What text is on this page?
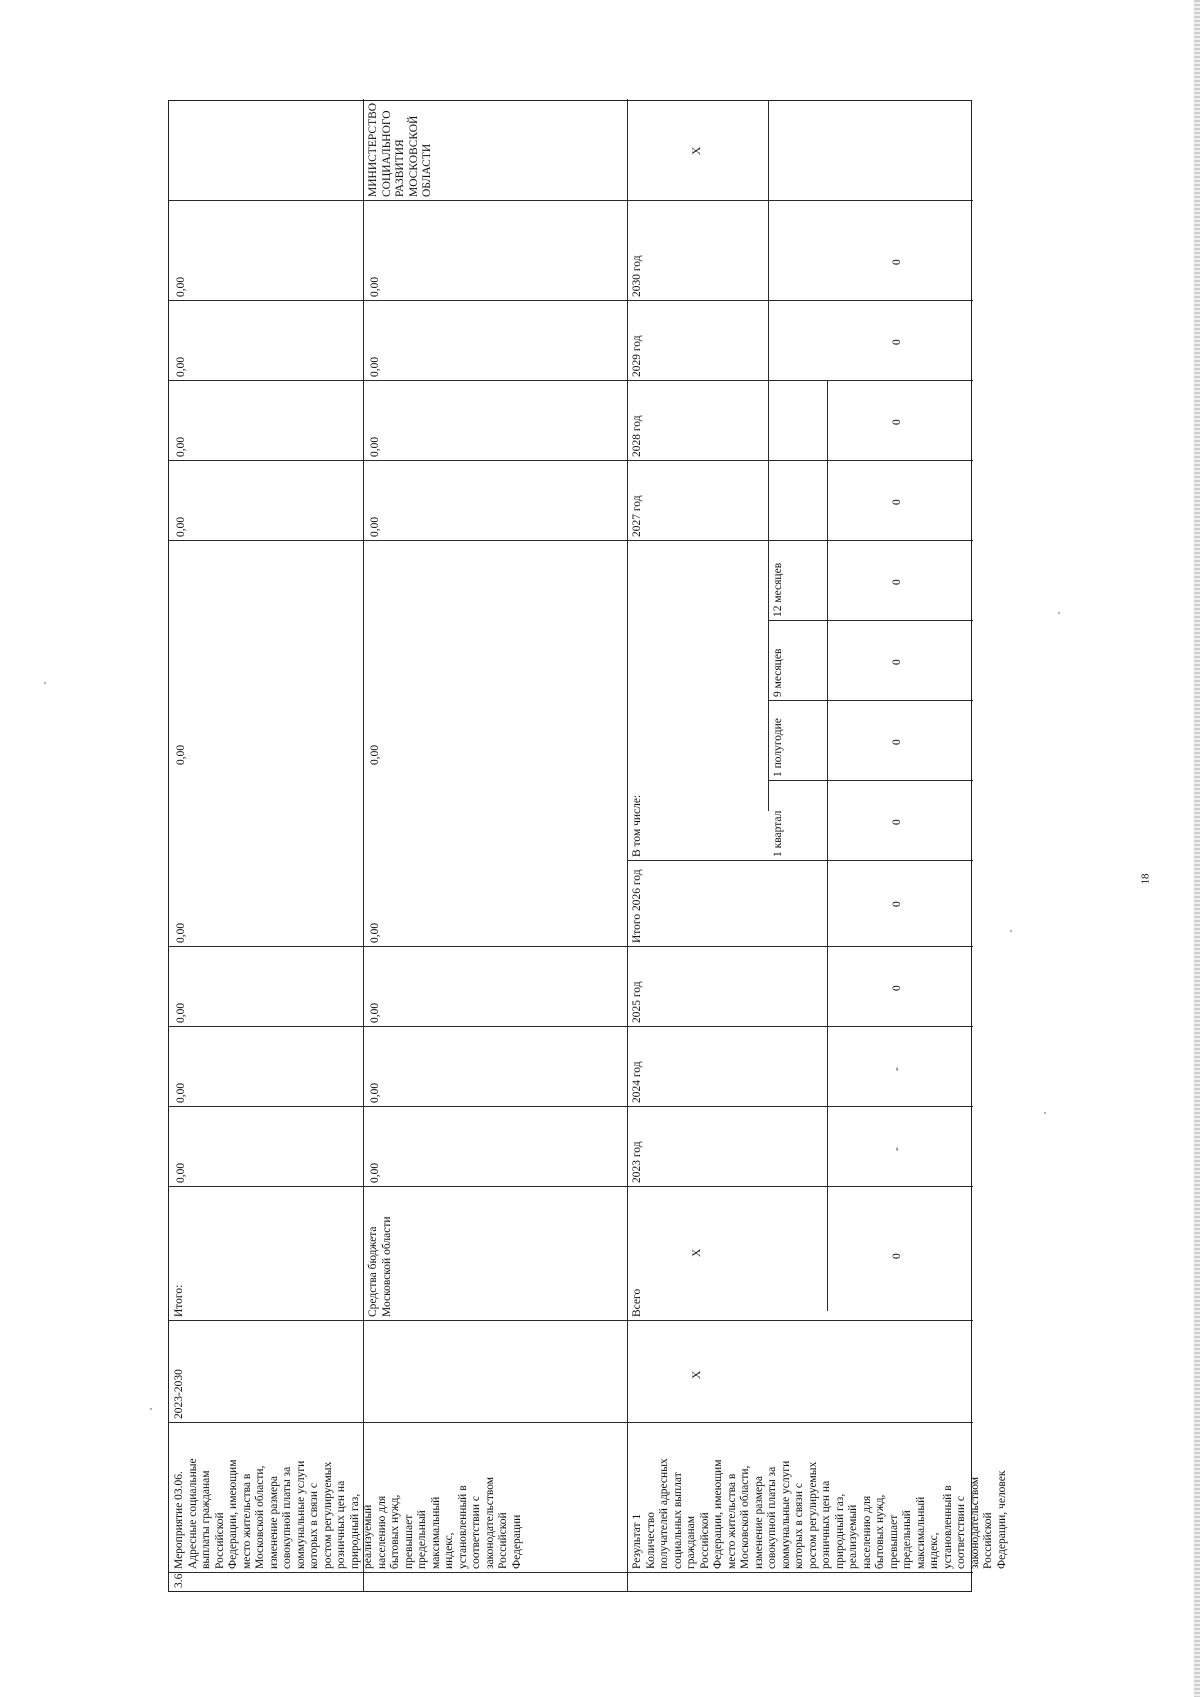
3.6
Мероприятие 03.06.
Адресные социальные
выплаты гражданам
Российской
Федерации, имеющим
место жительства в
Московской области,
изменение размера
совокупной платы за
коммунальные услуги
которых в связи с
ростом регулируемых
розничных цен на
природный газ,
реализуемый
населению для
бытовых нужд,
превышает
предельный
максимальный
индекс,
установленный в
соответствии с
законодательством
Российской
Федерации
2023-2030
Итого:
0,00
0,00
0,00
0,00
0,00
0,00
0,00
0,00
0,00
Средства бюджета
Московской области
0,00
0,00
0,00
0,00
0,00
0,00
0,00
0,00
0,00
МИНИСТЕРСТВО
СОЦИАЛЬНОГО
РАЗВИТИЯ
МОСКОВСКОЙ
ОБЛАСТИ
Результат 1
Количество
получателей адресных
социальных выплат
гражданам
Российской
Федерации, имеющим
место жительства в
Московской области,
изменение размера
совокупной платы за
коммунальные услуги
которых в связи с
ростом регулируемых
розничных цен на
природный газ,
реализуемый
населению для
бытовых нужд,
превышает
предельный
максимальный
индекс,
установленный в
соответствии с
законодательством
Российской
Федерации, человек
X
X
X
Всего
2023 год
2024 год
2025 год
Итого 2026 год
В том числе:	1 квартал
1 полугодие
9 месяцев
12 месяцев
2027 год
2028 год
2029 год
2030 год
0
-
-
0
0
0
0
0
0
0
0
0
0
18
